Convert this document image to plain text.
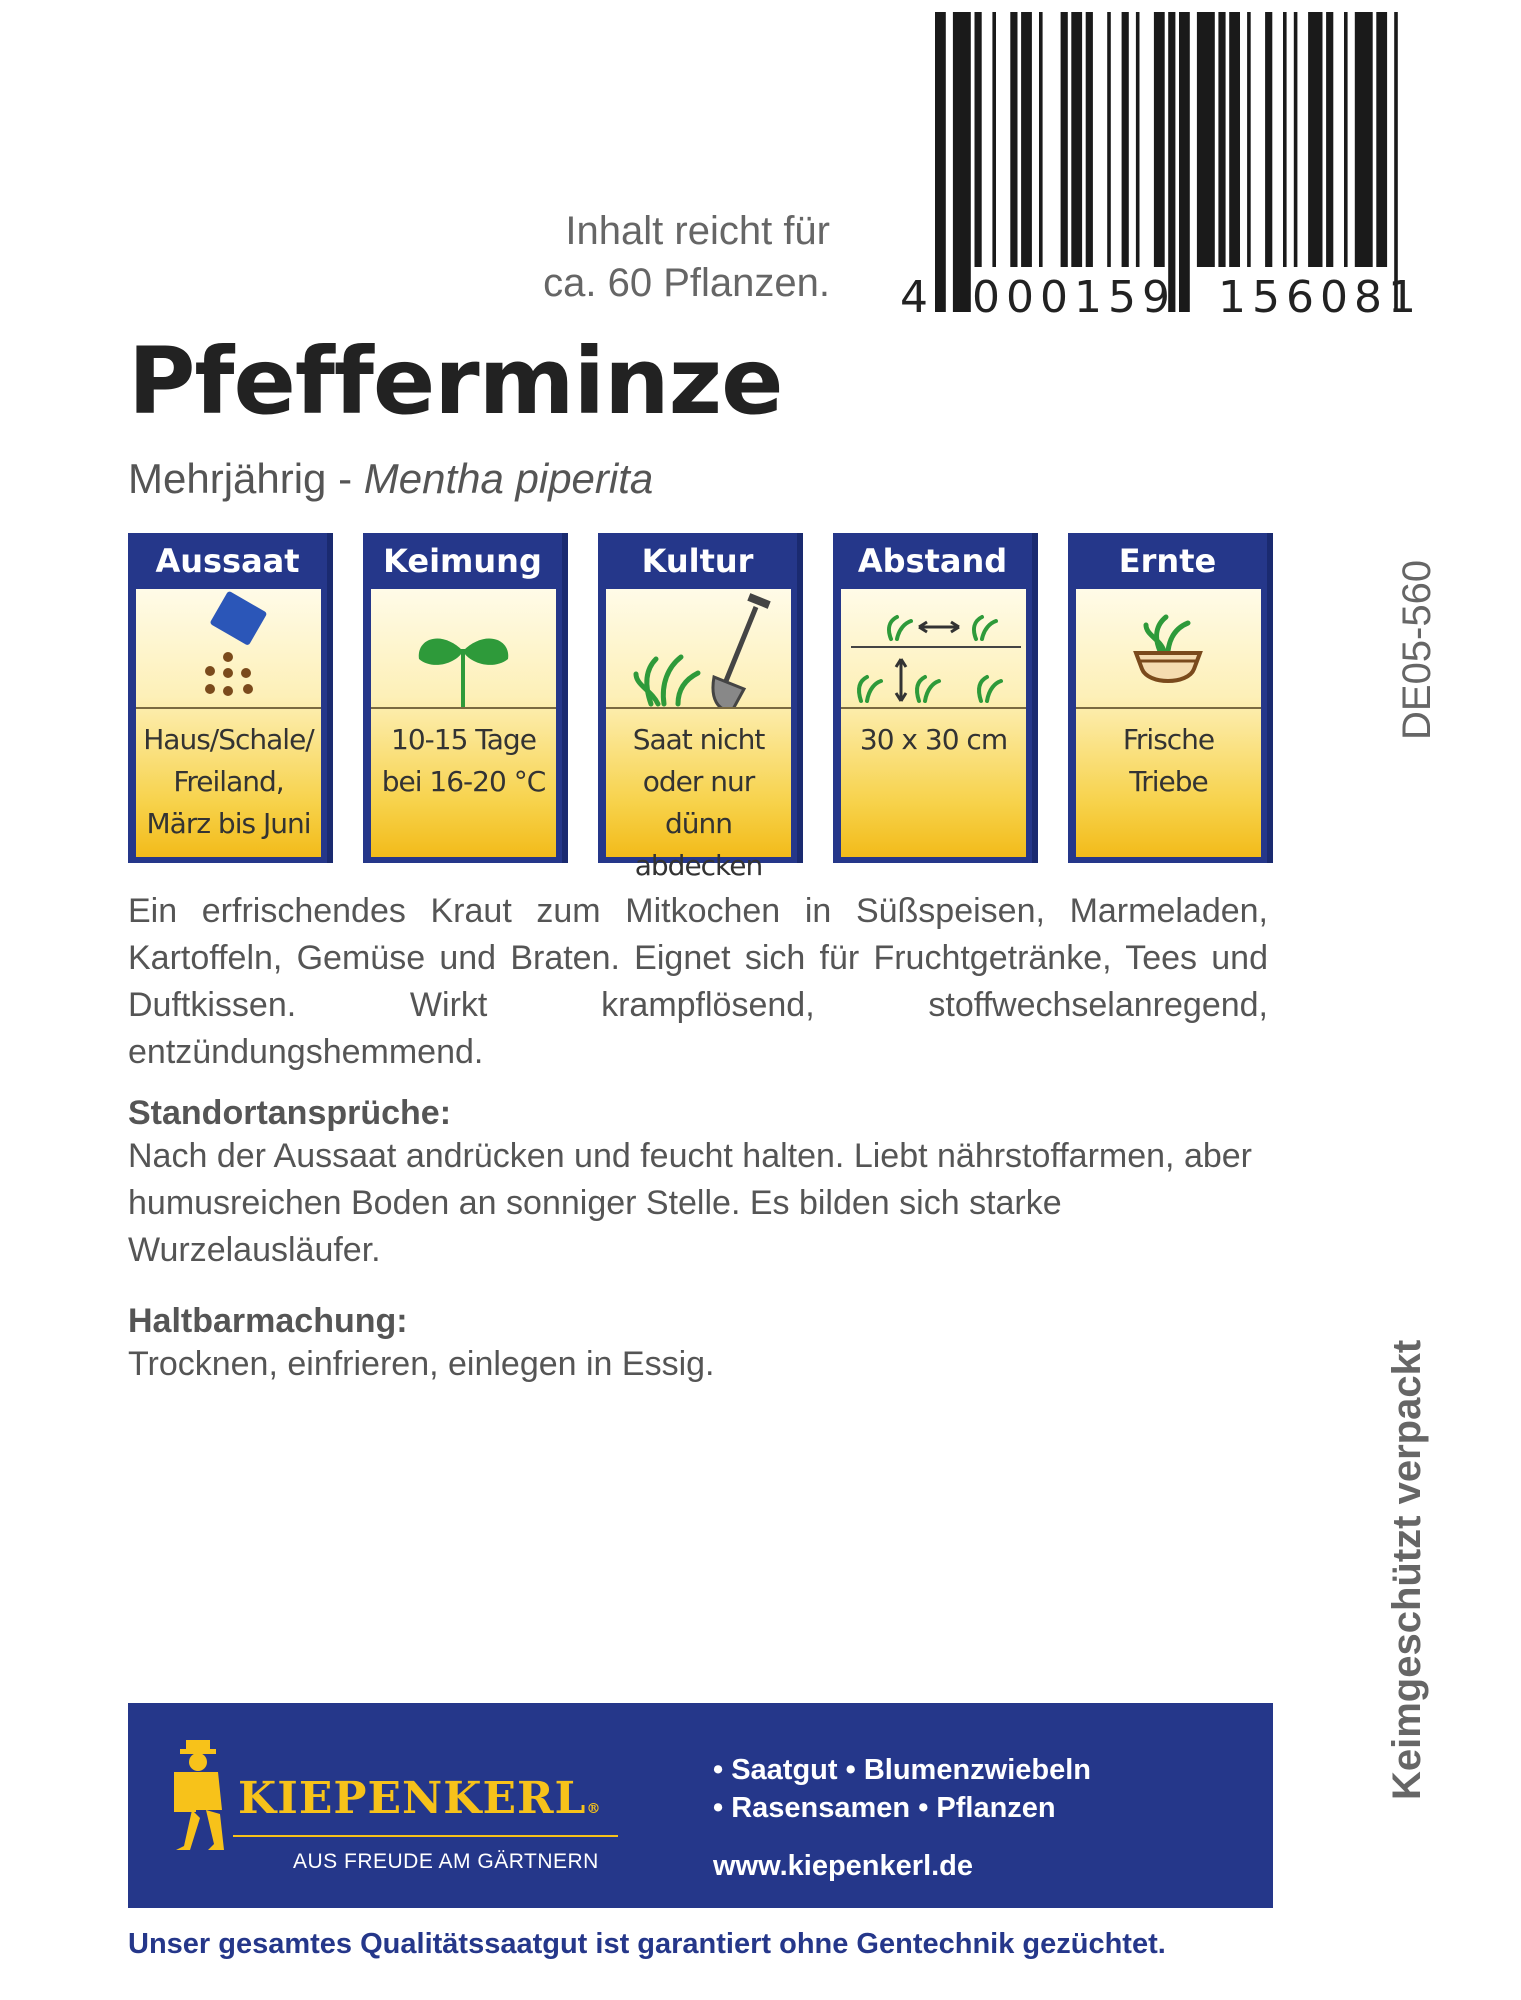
4 000159 156081
Inhalt reicht für
ca. 60 Pflanzen.
Pfefferminze
Mehrjährig - Mentha piperita
Aussaat
Haus/Schale/
Freiland,
März bis Juni
Keimung
10-15 Tage
bei 16-20 °C
Kultur
Saat nicht
oder nur dünn
abdecken
Abstand
30 x 30 cm
Ernte
Frische
Triebe
Ein erfrischendes Kraut zum Mitkochen in Süßspeisen, Marmeladen, Kartoffeln, Gemüse und Braten. Eignet sich für Fruchtgetränke, Tees und Duftkissen. Wirkt krampflösend, stoffwechselanregend, entzündungshemmend.
Standortansprüche:
Nach der Aussaat andrücken und feucht halten. Liebt nährstoffarmen, aber humusreichen Boden an sonniger Stelle. Es bilden sich starke Wurzelausläufer.
Haltbarmachung:
Trocknen, einfrieren, einlegen in Essig.
DE05-560
Keimgeschützt verpackt
KIEPENKERL®
AUS FREUDE AM GÄRTNERN
• Saatgut • Blumenzwiebeln
• Rasensamen • Pflanzen
www.kiepenkerl.de
Unser gesamtes Qualitätssaatgut ist garantiert ohne Gentechnik gezüchtet.
